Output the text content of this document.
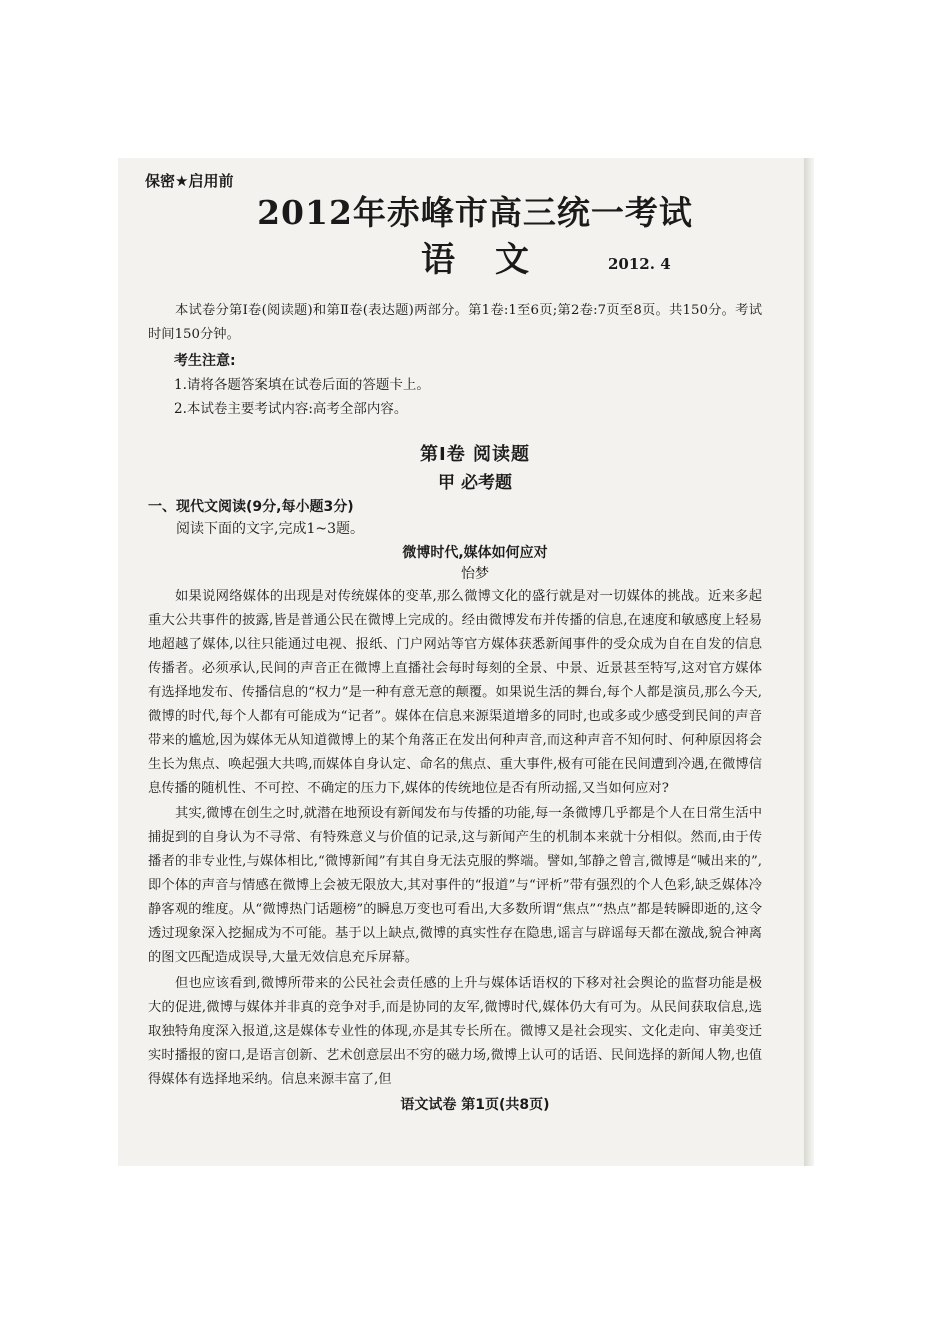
保密★启用前
2012年赤峰市高三统一考试
语文	2012. 4

本试卷分第Ⅰ卷(阅读题)和第Ⅱ卷(表达题)两部分。第1卷:1至6页;第2卷:7页至8页。共150分。考试时间150分钟。

考生注意:
1.请将各题答案填在试卷后面的答题卡上。
2.本试卷主要考试内容:高考全部内容。
第Ⅰ卷 阅读题
甲 必考题
一、现代文阅读(9分,每小题3分)
阅读下面的文字,完成1~3题。
微博时代,媒体如何应对
怡梦

如果说网络媒体的出现是对传统媒体的变革,那么微博文化的盛行就是对一切媒体的挑战。近来多起重大公共事件的披露,皆是普通公民在微博上完成的。经由微博发布并传播的信息,在速度和敏感度上轻易地超越了媒体,以往只能通过电视、报纸、门户网站等官方媒体获悉新闻事件的受众成为自在自发的信息传播者。必须承认,民间的声音正在微博上直播社会每时每刻的全景、中景、近景甚至特写,这对官方媒体有选择地发布、传播信息的“权力”是一种有意无意的颠覆。如果说生活的舞台,每个人都是演员,那么今天,微博的时代,每个人都有可能成为“记者”。媒体在信息来源渠道增多的同时,也或多或少感受到民间的声音带来的尴尬,因为媒体无从知道微博上的某个角落正在发出何种声音,而这种声音不知何时、何种原因将会生长为焦点、唤起强大共鸣,而媒体自身认定、命名的焦点、重大事件,极有可能在民间遭到冷遇,在微博信息传播的随机性、不可控、不确定的压力下,媒体的传统地位是否有所动摇,又当如何应对?

其实,微博在创生之时,就潜在地预设有新闻发布与传播的功能,每一条微博几乎都是个人在日常生活中捕捉到的自身认为不寻常、有特殊意义与价值的记录,这与新闻产生的机制本来就十分相似。然而,由于传播者的非专业性,与媒体相比,“微博新闻”有其自身无法克服的弊端。譬如,邹静之曾言,微博是“喊出来的”,即个体的声音与情感在微博上会被无限放大,其对事件的“报道”与“评析”带有强烈的个人色彩,缺乏媒体冷静客观的维度。从“微博热门话题榜”的瞬息万变也可看出,大多数所谓“焦点”“热点”都是转瞬即逝的,这令透过现象深入挖掘成为不可能。基于以上缺点,微博的真实性存在隐患,谣言与辟谣每天都在激战,貌合神离的图文匹配造成误导,大量无效信息充斥屏幕。

但也应该看到,微博所带来的公民社会责任感的上升与媒体话语权的下移对社会舆论的监督功能是极大的促进,微博与媒体并非真的竞争对手,而是协同的友军,微博时代,媒体仍大有可为。从民间获取信息,选取独特角度深入报道,这是媒体专业性的体现,亦是其专长所在。微博又是社会现实、文化走向、审美变迁实时播报的窗口,是语言创新、艺术创意层出不穷的磁力场,微博上认可的话语、民间选择的新闻人物,也值得媒体有选择地采纳。信息来源丰富了,但

语文试卷 第1页(共8页)
